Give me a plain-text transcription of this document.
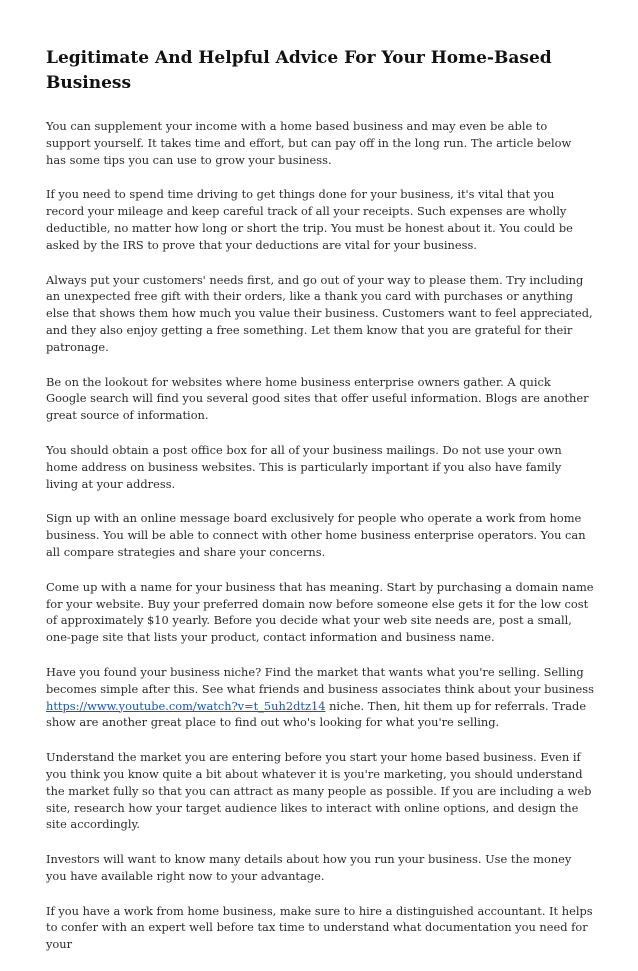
Legitimate And Helpful Advice For Your Home-Based Business

You can supplement your income with a home based business and may even be able to support yourself. It takes time and effort, but can pay off in the long run. The article below has some tips you can use to grow your business.

If you need to spend time driving to get things done for your business, it's vital that you record your mileage and keep careful track of all your receipts. Such expenses are wholly deductible, no matter how long or short the trip. You must be honest about it. You could be asked by the IRS to prove that your deductions are vital for your business.

Always put your customers' needs first, and go out of your way to please them. Try including an unexpected free gift with their orders, like a thank you card with purchases or anything else that shows them how much you value their business. Customers want to feel appreciated, and they also enjoy getting a free something. Let them know that you are grateful for their patronage.

Be on the lookout for websites where home business enterprise owners gather. A quick Google search will find you several good sites that offer useful information. Blogs are another great source of information.

You should obtain a post office box for all of your business mailings. Do not use your own home address on business websites. This is particularly important if you also have family living at your address.

Sign up with an online message board exclusively for people who operate a work from home business. You will be able to connect with other home business enterprise operators. You can all compare strategies and share your concerns.

Come up with a name for your business that has meaning. Start by purchasing a domain name for your website. Buy your preferred domain now before someone else gets it for the low cost of approximately $10 yearly. Before you decide what your web site needs are, post a small, one-page site that lists your product, contact information and business name.

Have you found your business niche? Find the market that wants what you're selling. Selling becomes simple after this. See what friends and business associates think about your business https://www.youtube.com/watch?v=t_5uh2dtz14 niche. Then, hit them up for referrals. Trade show are another great place to find out who's looking for what you're selling.

Understand the market you are entering before you start your home based business. Even if you think you know quite a bit about whatever it is you're marketing, you should understand the market fully so that you can attract as many people as possible. If you are including a web site, research how your target audience likes to interact with online options, and design the site accordingly.

Investors will want to know many details about how you run your business. Use the money you have available right now to your advantage.

If you have a work from home business, make sure to hire a distinguished accountant. It helps to confer with an expert well before tax time to understand what documentation you need for your
